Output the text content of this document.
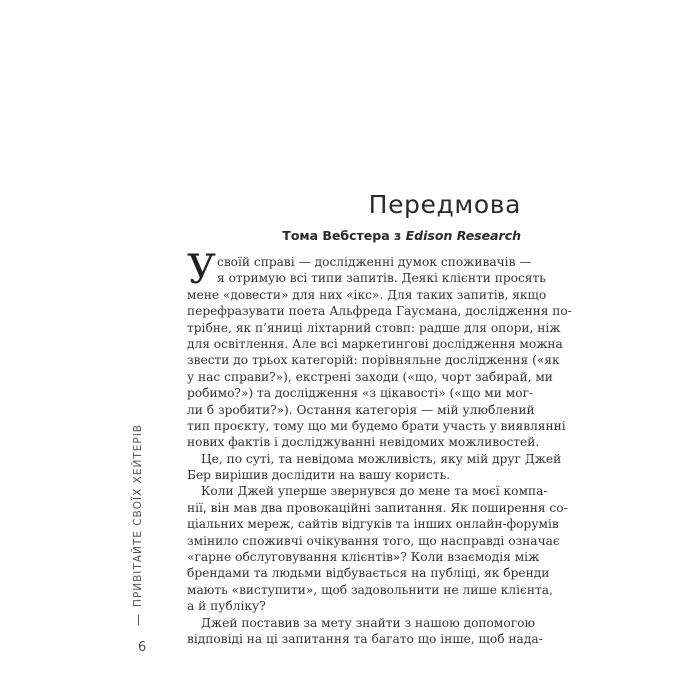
Передмова
Тома Вебстера з Edison Research
У своїй справі — дослідженні думок споживачів —
я отримую всі типи запитів. Деякі клієнти просять
мене «довести» для них «ікс». Для таких запитів, якщо
перефразувати поета Альфреда Гаусмана, дослідження по-
трібне, як п’яниці ліхтарний стовп: радше для опори, ніж
для освітлення. Але всі маркетингові дослідження можна
звести до трьох категорій: порівняльне дослідження («як
у нас справи?»), екстрені заходи («що, чорт забирай, ми
робимо?») та дослідження «з цікавості» («що ми мог-
ли б зробити?»). Остання категорія — мій улюблений
тип проєкту, тому що ми будемо брати участь у виявлянні
нових фактів і досліджуванні невідомих можливостей.
Це, по суті, та невідома можливість, яку мій друг Джей
Бер вирішив дослідити на вашу користь.
Коли Джей уперше звернувся до мене та моєї компа-
нії, він мав два провокаційні запитання. Як поширення со-
ціальних мереж, сайтів відгуків та інших онлайн-форумів
змінило споживчі очікування того, що насправді означає
«гарне обслуговування клієнтів»? Коли взаємодія між
брендами та людьми відбувається на публіці, як бренди
мають «виступити», щоб задовольнити не лише клієнта,
а й публіку?
Джей поставив за мету знайти з нашою допомогою
відповіді на ці запитання та багато що інше, щоб нада-
ПРИВІТАЙТЕ СВОЇХ ХЕЙТЕРІВ
6
